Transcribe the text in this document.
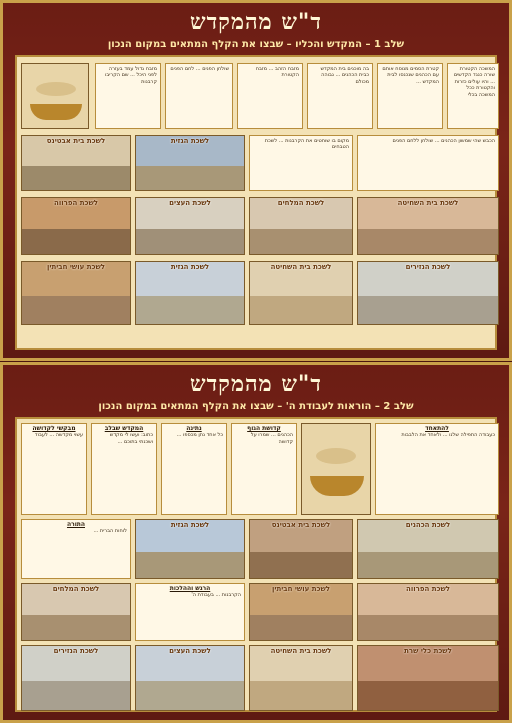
ד"ש מהמקדש
שלב 1 – המקדש והכליו – שבצו את הקלף המתאים במקום הנכון
מזבח גדול עמד בעזרה לפני היכל ... שם הקריבו קרבנות
שולחן הפנים ... לחם הפנים	מזבח הזהב ... מזבח הקטורת
בה מוכנים בית המקדש כבית הכהנים ... גבוהה מכולם
קטרת הסמים מנוסח אותם עם הכהנים שנכנסו לבית המקדש ...
המשכה הקטורת שורה כנגד הקדשים ... והיו עולים כזרות והקטורת ככל המשכה בכלי
לשכת בית אבטינס	לשכת הגזית	מקום בו שוחטים את הקרבנות ... לשכת הטבחים
הכבש שהי שמשון הכהנים ... שולחן ללחם הפנים
לשכת הפרווה	לשכת העצים	לשכת המלחים	לשכת בית השחיטה
לשכת עושי חביתין	לשכת הגזית	לשכת בית השחיטה	לשכת הנזירים
ד"ש מהמקדש
שלב 2 – הוראות לעבודת ה' – שבצו את הקלף המתאים במקום הנכון
מבקשי לקדושה
עשוי מקדשה ... לעבוד
המקדש שבלב
כתוב: ועשו לי מקדש ושכנתי בתוכם ...
נתינה
כל אחד נתן מכספו ...
קדושת הגוף
הכהנים ... שמרו על קדושה
להתאחד
כעבודה התפילה שלנו ... ולאחד את הלבבות
התורה
לוחות הברית ...
לשכת הגזית	לשכת בית אבטינס	לשכת הכהנים
לשכת המלחים	הרגש וההלכות
הקרבנות ... בעבודת ה'
לשכת עושי חביתין	לשכת הפרווה
לשכת הנזירים	לשכת העצים	לשכת בית השחיטה	לשכת כלי שרת
